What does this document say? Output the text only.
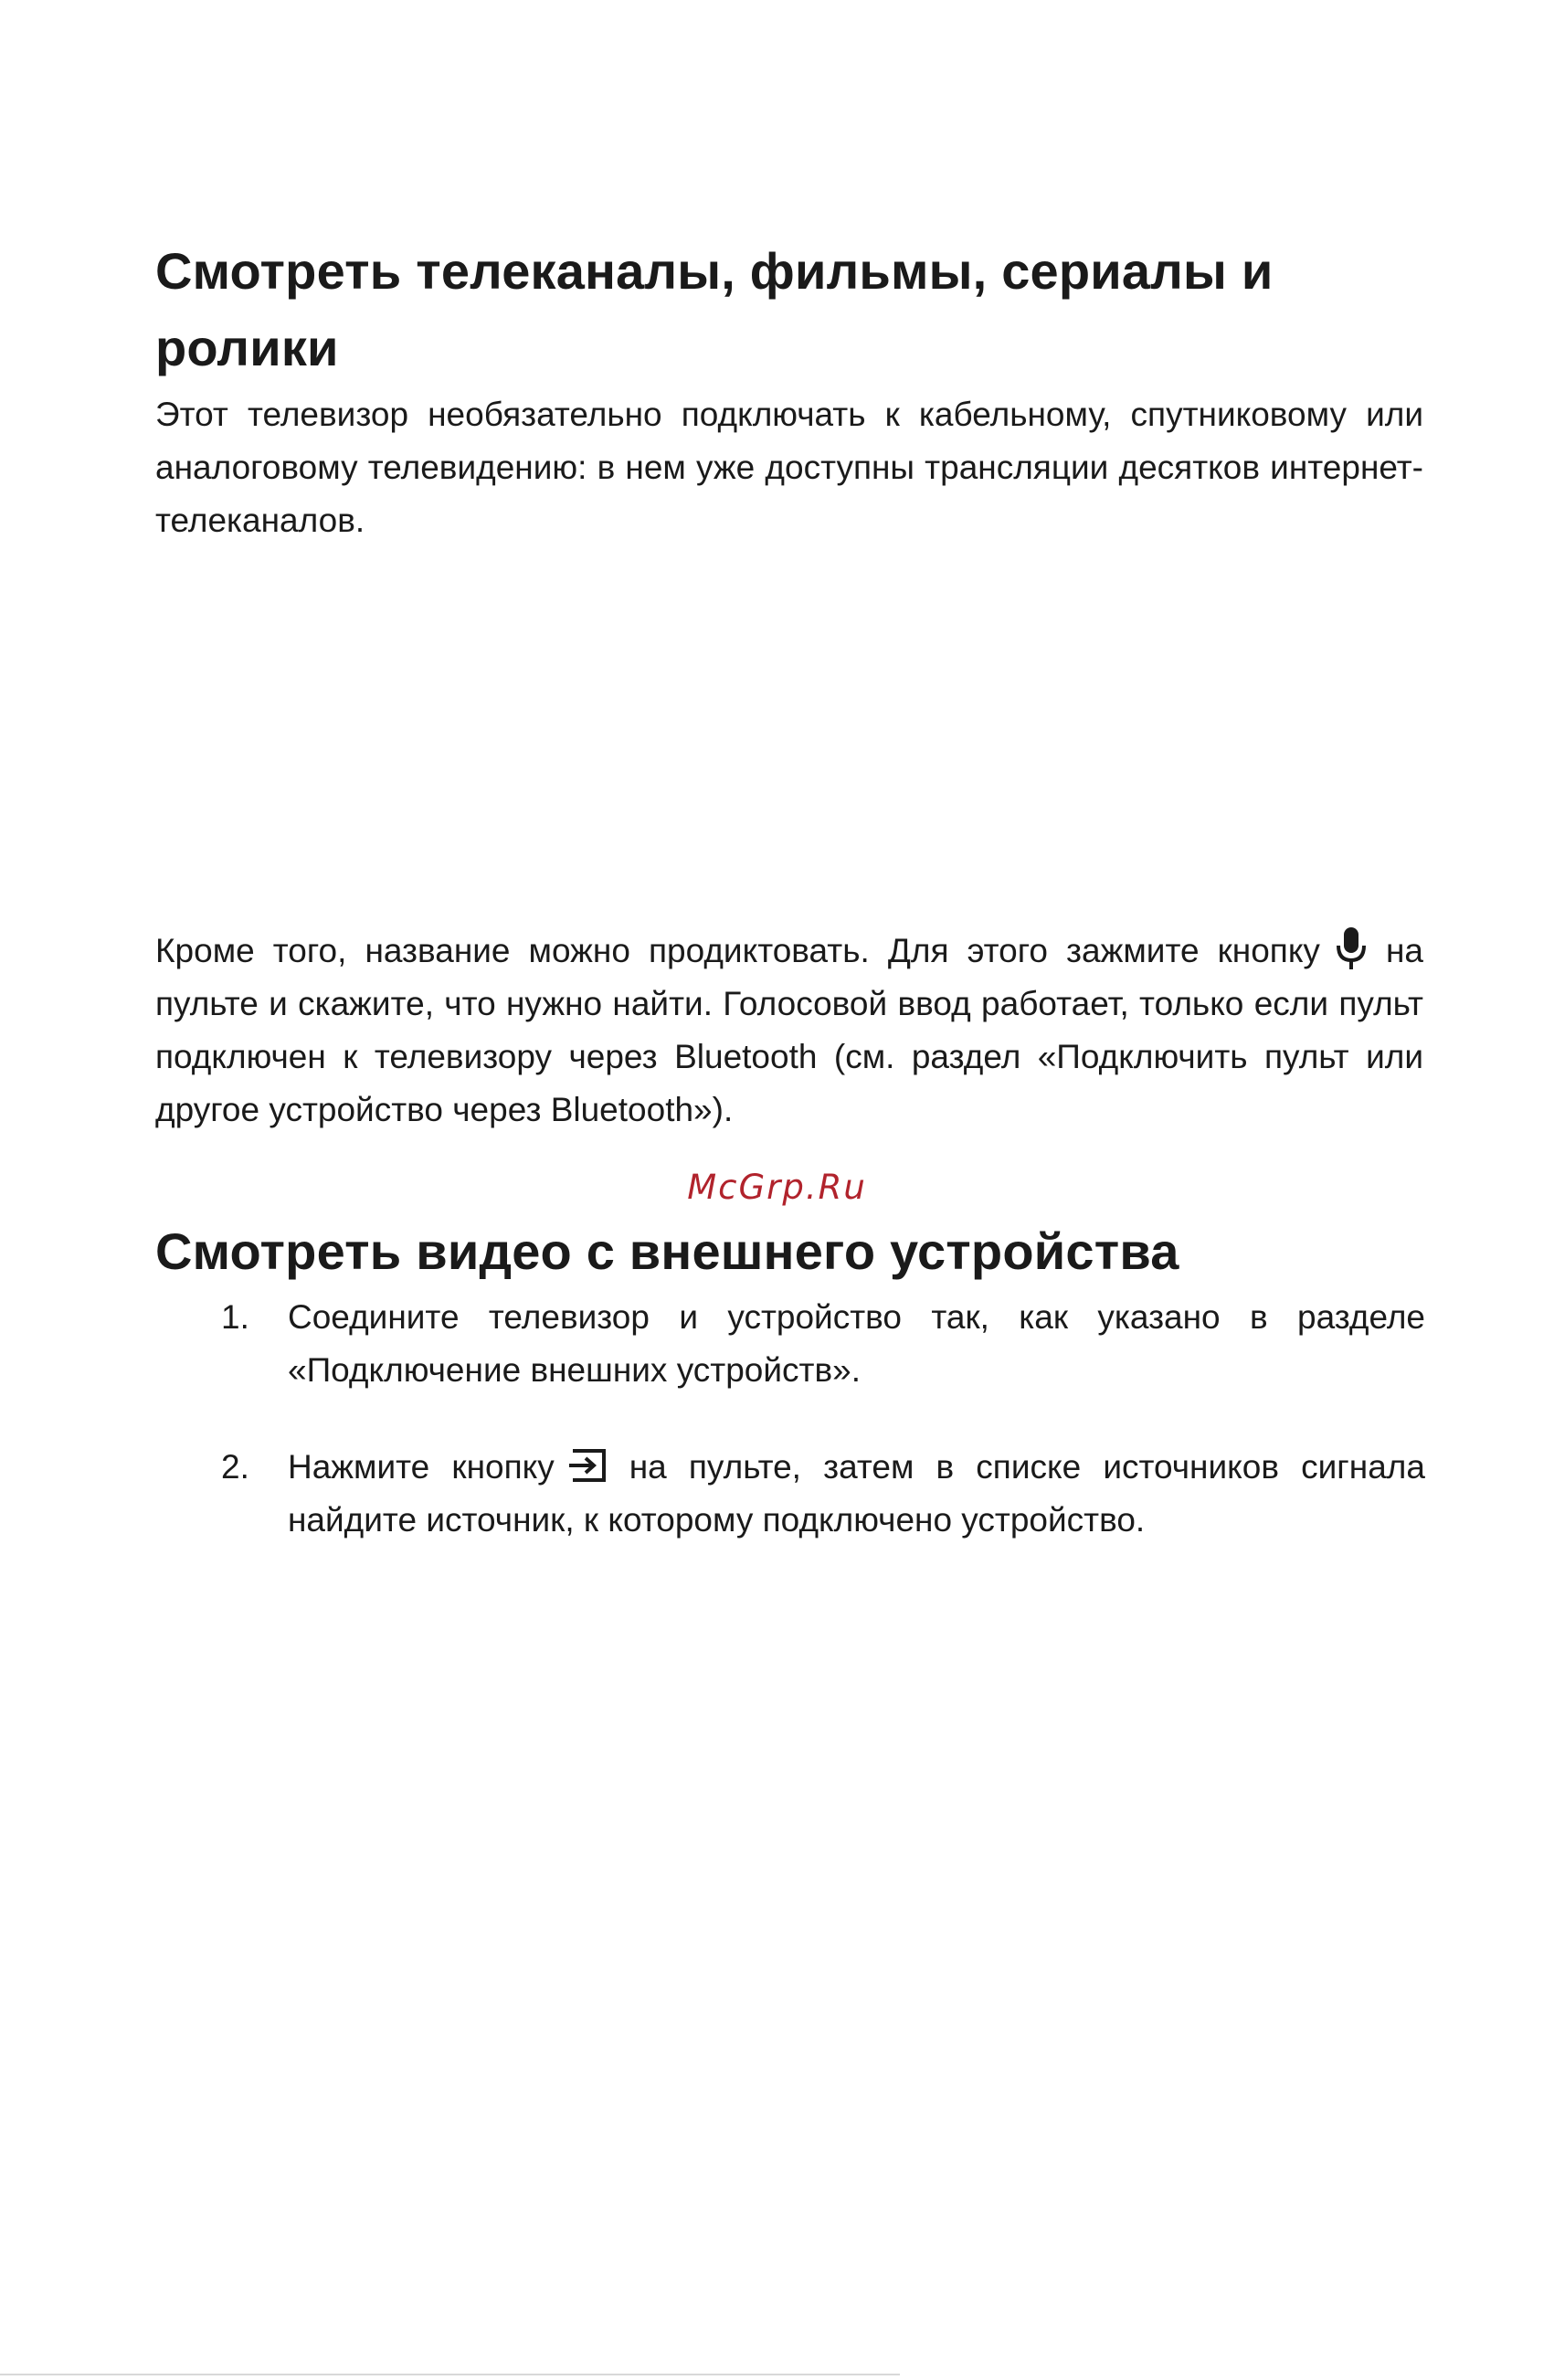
Смотреть телеканалы, фильмы, сериалы и ролики
Этот телевизор необязательно подключать к кабельному, спутниковому или аналоговому телевидению: в нем уже доступны трансляции десятков интернет-телеканалов.
Кроме того, название можно продиктовать. Для этого зажмите кнопку на пульте и скажите, что нужно найти. Голосовой ввод работает, только если пульт подключен к телевизору через Bluetooth (см. раздел «Подключить пульт или другое устройство через Bluetooth»).
McGrp.Ru
Смотреть видео с внешнего устройства
1. Соедините телевизор и устройство так, как указано в разделе «Подключение внешних устройств».
2. Нажмите кнопку на пульте, затем в списке источников сигнала найдите источник, к которому подключено устройство.
